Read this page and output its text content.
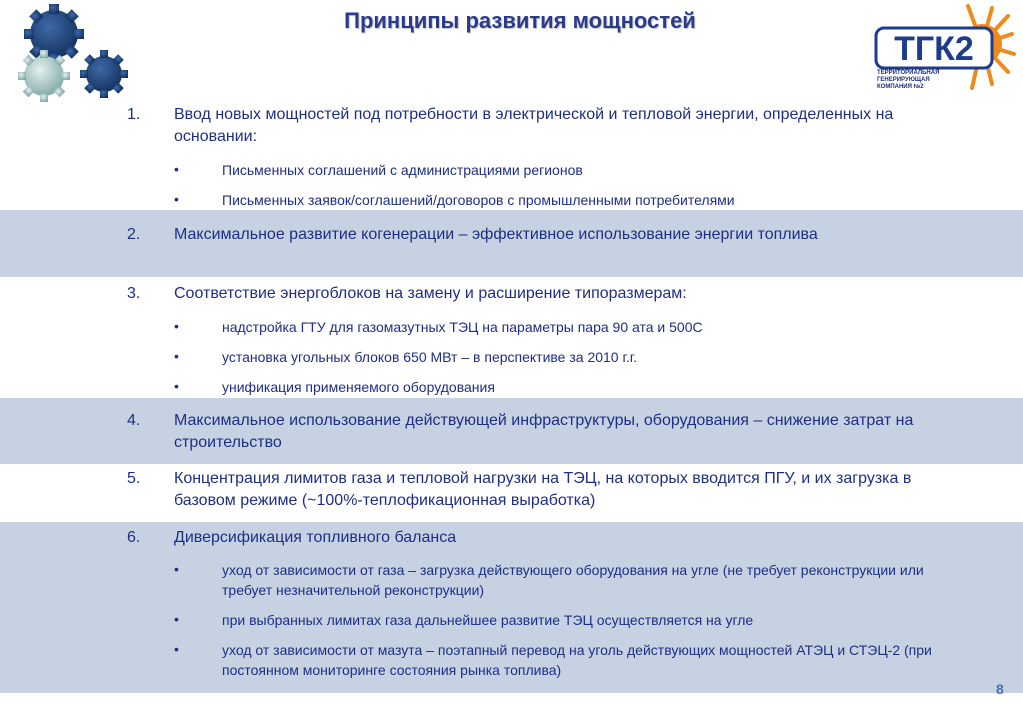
Принципы развития мощностей
ТГК2
ТЕРРИТОРИАЛЬНАЯ
ГЕНЕРИРУЮЩАЯ
КОМПАНИЯ №2
1. Ввод новых мощностей под потребности в электрической и тепловой энергии, определенных на основании:
•	Письменных соглашений с администрациями регионов
•	Письменных заявок/соглашений/договоров с промышленными потребителями
2. Максимальное развитие когенерации – эффективное использование энергии топлива
3. Соответствие энергоблоков на замену и расширение типоразмерам:
•	надстройка ГТУ для газомазутных ТЭЦ на параметры пара 90 ата и 500С
•	установка угольных блоков 650 МВт – в перспективе за 2010 г.г.
•	унификация применяемого оборудования
4. Максимальное использование действующей инфраструктуры, оборудования – снижение затрат на строительство
5. Концентрация лимитов газа и тепловой нагрузки на ТЭЦ, на которых вводится ПГУ, и их загрузка в базовом режиме (~100%-теплофикационная выработка)
6. Диверсификация топливного баланса
•	уход от зависимости от газа – загрузка действующего оборудования на угле (не требует реконструкции или требует незначительной реконструкции)
•	при выбранных лимитах газа дальнейшее развитие ТЭЦ осуществляется на угле
•	уход от зависимости от мазута – поэтапный перевод на уголь действующих мощностей АТЭЦ и СТЭЦ-2 (при постоянном мониторинге состояния рынка топлива)
8
